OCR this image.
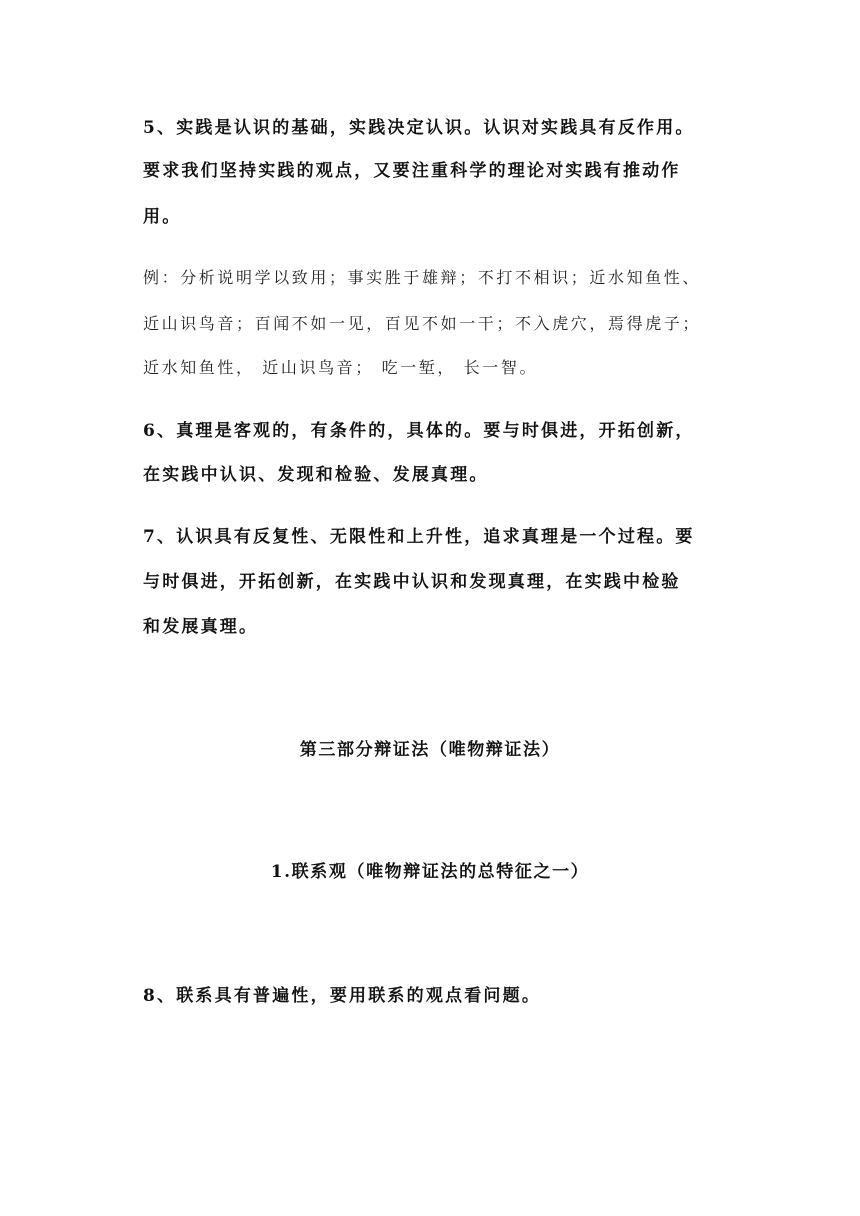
5、实践是认识的基础，实践决定认识。认识对实践具有反作用。
要求我们坚持实践的观点，又要注重科学的理论对实践有推动作
用。
例：分析说明学以致用；事实胜于雄辩；不打不相识；近水知鱼性、
近山识鸟音；百闻不如一见，百见不如一干；不入虎穴，焉得虎子；
近水知鱼性， 近山识鸟音； 吃一堑， 长一智。
6、真理是客观的，有条件的，具体的。要与时俱进，开拓创新，
在实践中认识、发现和检验、发展真理。
7、认识具有反复性、无限性和上升性，追求真理是一个过程。要
与时俱进，开拓创新，在实践中认识和发现真理，在实践中检验
和发展真理。
第三部分辩证法（唯物辩证法）
1.联系观（唯物辩证法的总特征之一）
8、联系具有普遍性，要用联系的观点看问题。
